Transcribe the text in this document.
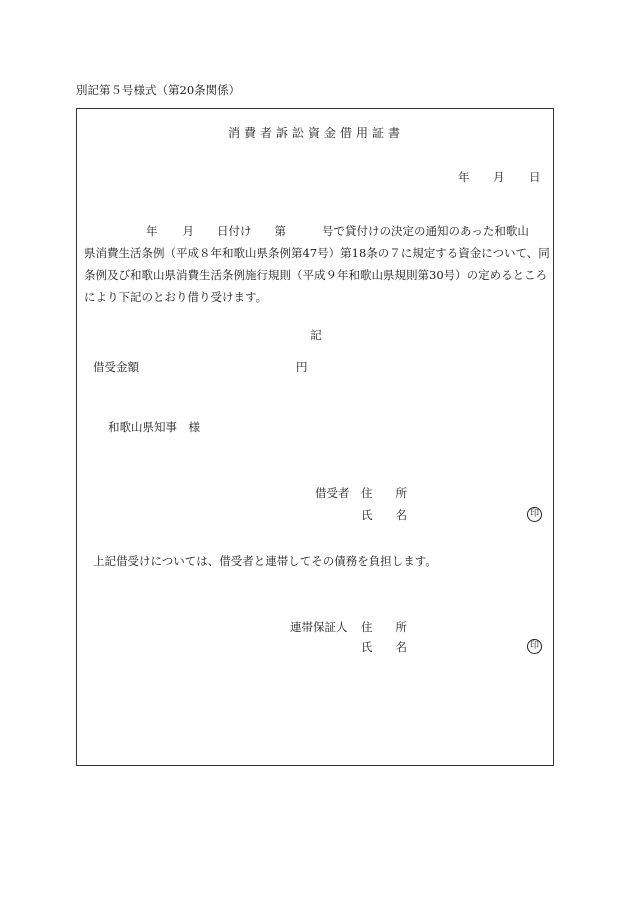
別記第５号様式（第20条関係）
消費者訴訟資金借用証書
年 月 日
年 月 日付け 第	号で貸付けの決定の通知のあった和歌山
県消費生活条例（平成８年和歌山県条例第47号）第18条の７に規定する資金について、同
条例及び和歌山県消費生活条例施行規則（平成９年和歌山県規則第30号）の定めるところ
により下記のとおり借り受けます。
記
借受金額	円
和歌山県知事　様
借受者 住　　所
氏　　名	印
上記借受けについては、借受者と連帯してその債務を負担します。
連帯保証人 住　　所
氏　　名	印
